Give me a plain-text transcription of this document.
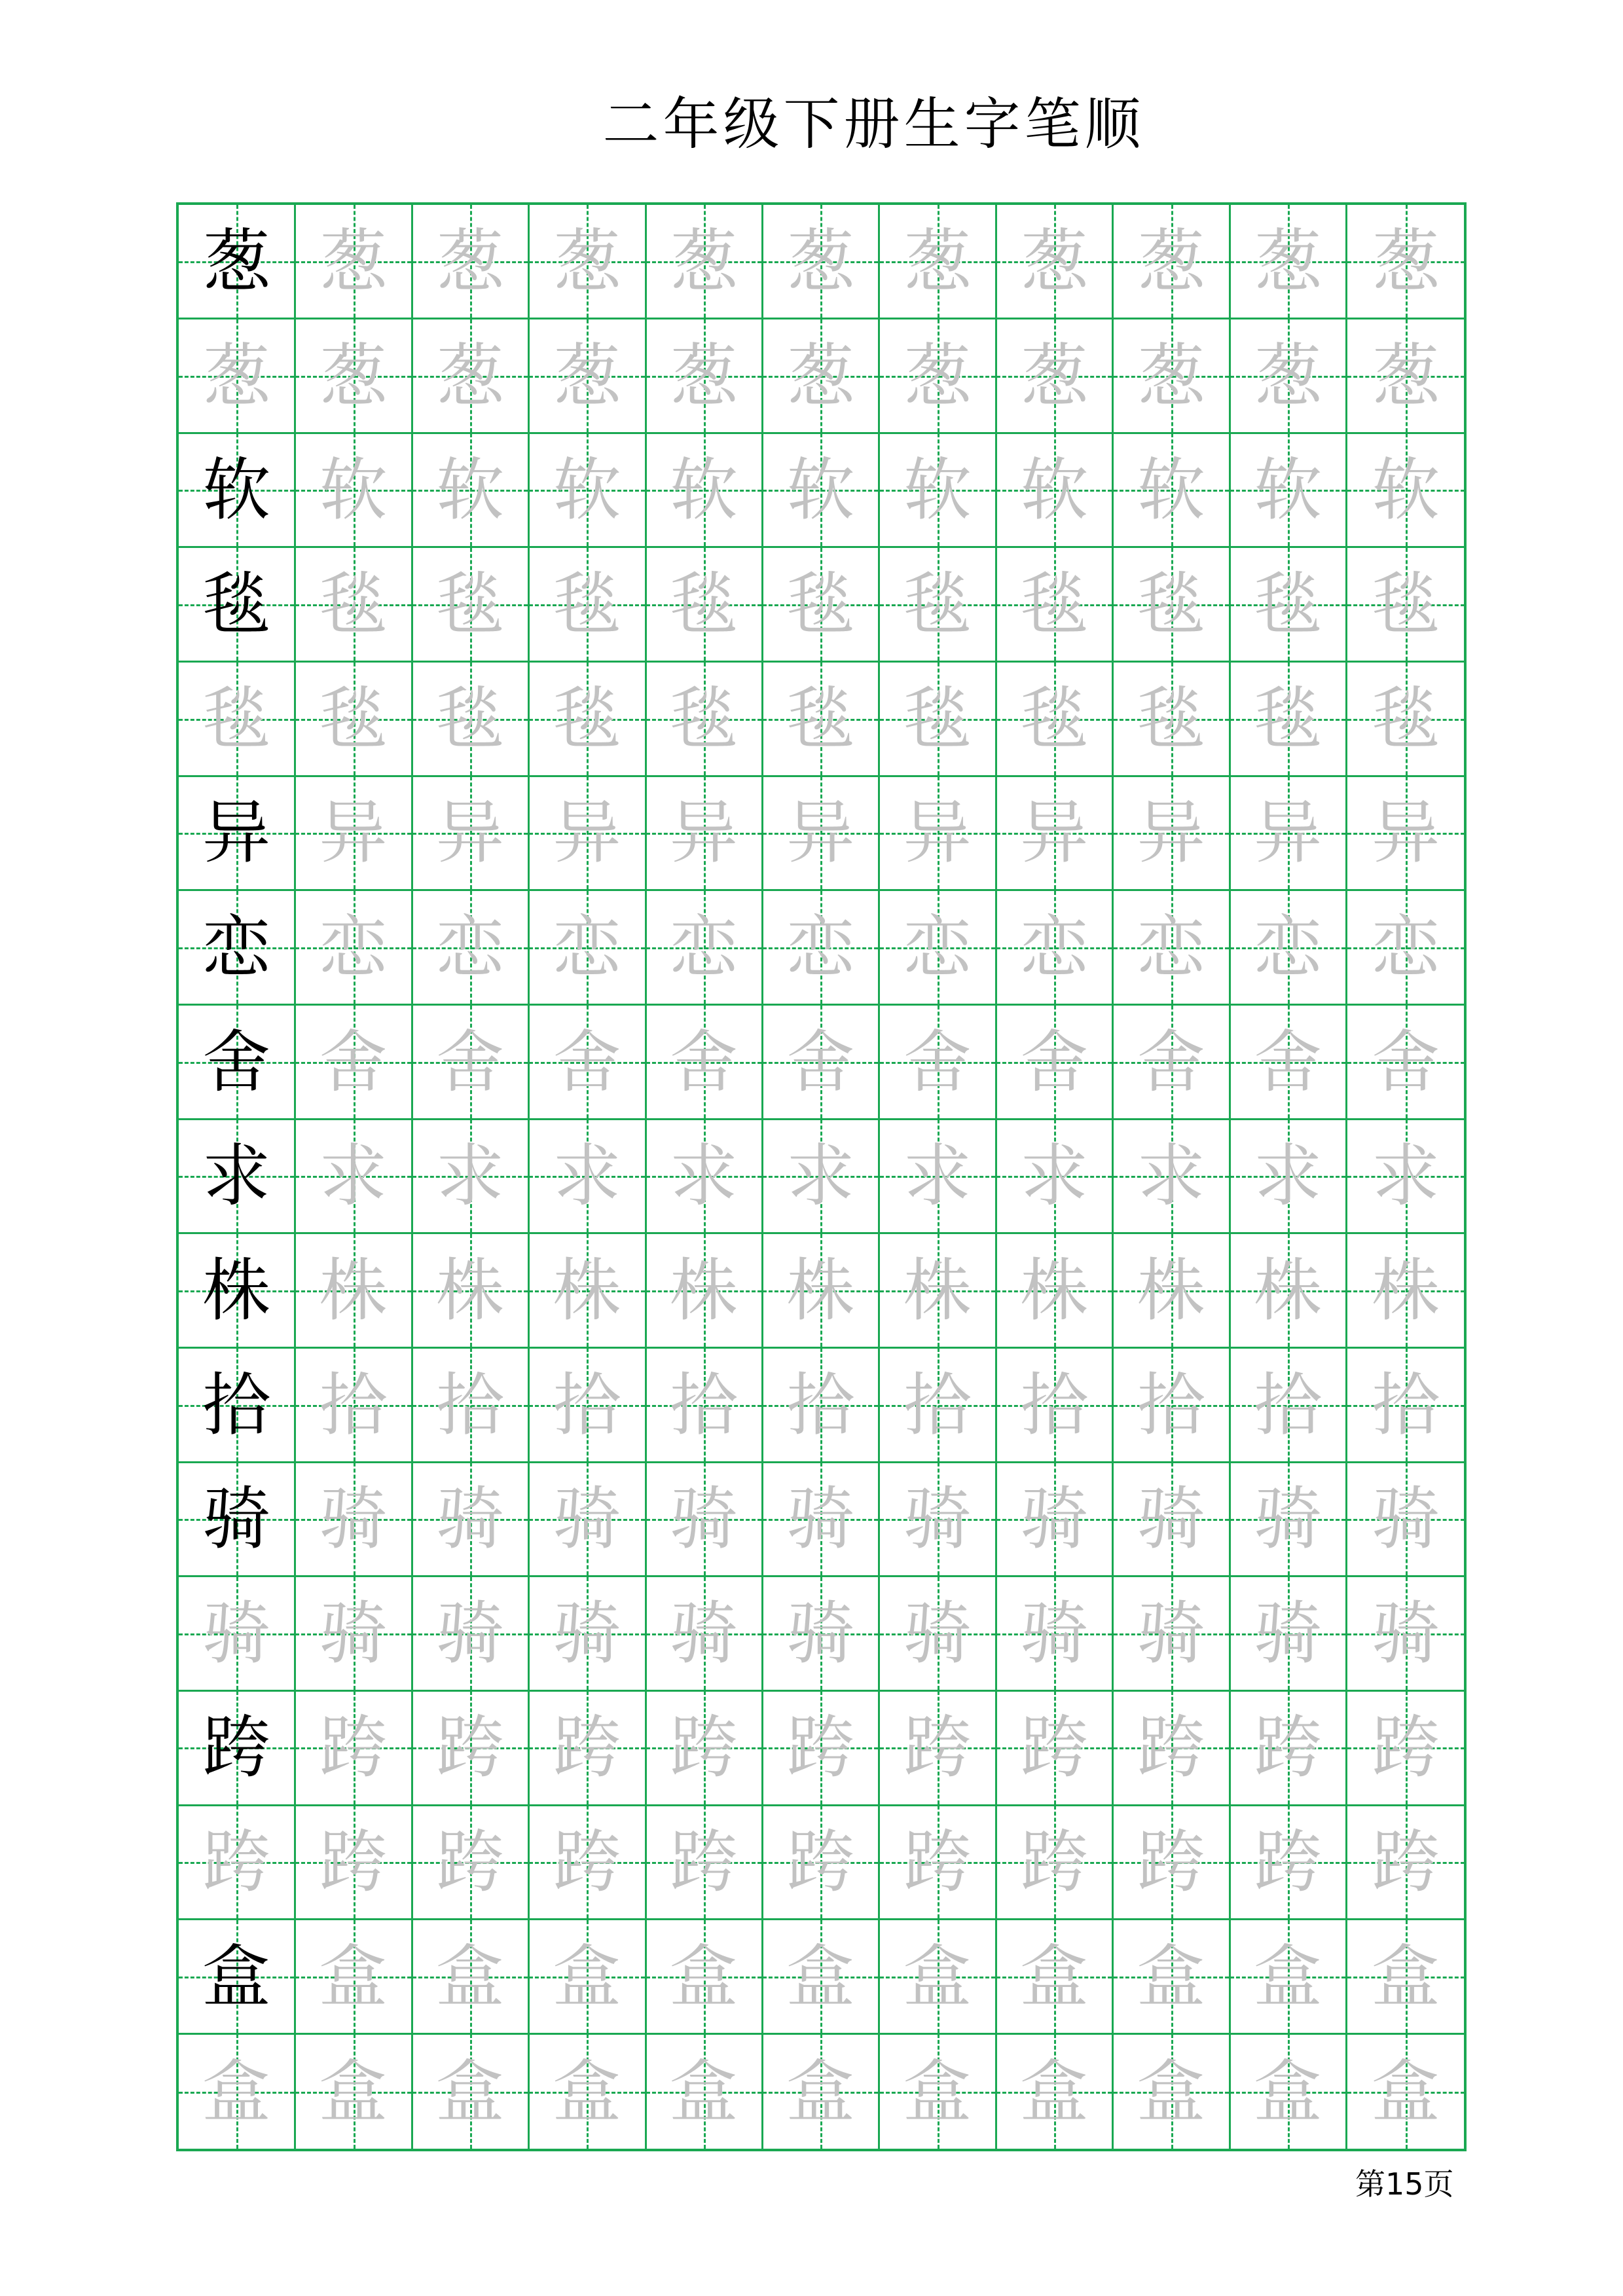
二年级下册生字笔顺
葱 葱 葱 葱 葱 葱 葱 葱 葱 葱 葱
葱 葱 葱 葱 葱 葱 葱 葱 葱 葱 葱
软 软 软 软 软 软 软 软 软 软 软
毯 毯 毯 毯 毯 毯 毯 毯 毯 毯 毯
毯 毯 毯 毯 毯 毯 毯 毯 毯 毯 毯
异 异 异 异 异 异 异 异 异 异 异
恋 恋 恋 恋 恋 恋 恋 恋 恋 恋 恋
舍 舍 舍 舍 舍 舍 舍 舍 舍 舍 舍
求 求 求 求 求 求 求 求 求 求 求
株 株 株 株 株 株 株 株 株 株 株
拾 拾 拾 拾 拾 拾 拾 拾 拾 拾 拾
骑 骑 骑 骑 骑 骑 骑 骑 骑 骑 骑
骑 骑 骑 骑 骑 骑 骑 骑 骑 骑 骑
跨 跨 跨 跨 跨 跨 跨 跨 跨 跨 跨
跨 跨 跨 跨 跨 跨 跨 跨 跨 跨 跨
盒 盒 盒 盒 盒 盒 盒 盒 盒 盒 盒
盒 盒 盒 盒 盒 盒 盒 盒 盒 盒 盒
第15页
